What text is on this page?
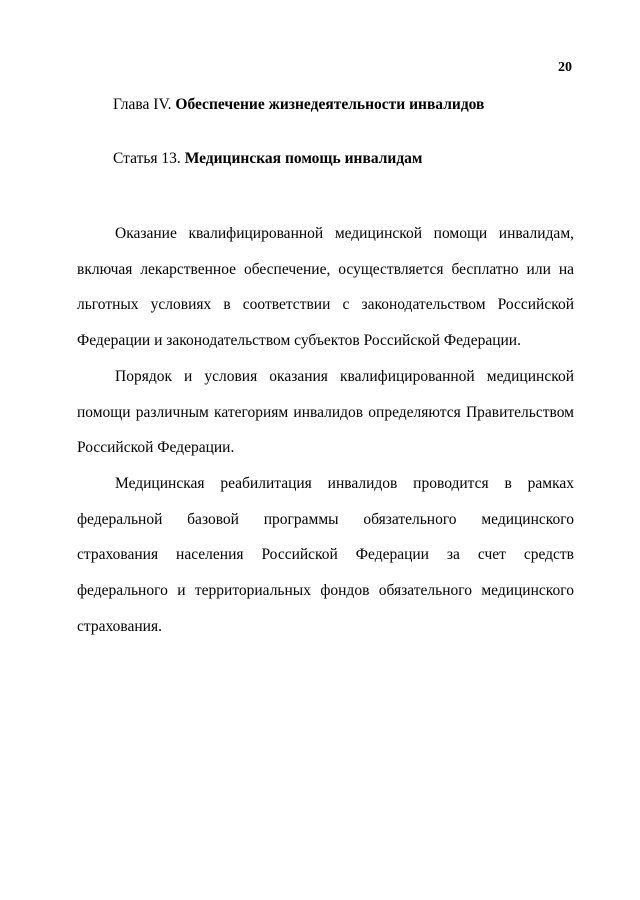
20
Глава IV. Обеспечение жизнедеятельности инвалидов
Статья 13. Медицинская помощь инвалидам

Оказание квалифицированной медицинской помощи инвалидам, включая лекарственное обеспечение, осуществляется бесплатно или на льготных условиях в соответствии с законодательством Российской Федерации и законодательством субъектов Российской Федерации.

Порядок и условия оказания квалифицированной медицинской помощи различным категориям инвалидов определяются Правительством Российской Федерации.

Медицинская реабилитация инвалидов проводится в рамках федеральной базовой программы обязательного медицинского страхования населения Российской Федерации за счет средств федерального и территориальных фондов обязательного медицинского страхования.
